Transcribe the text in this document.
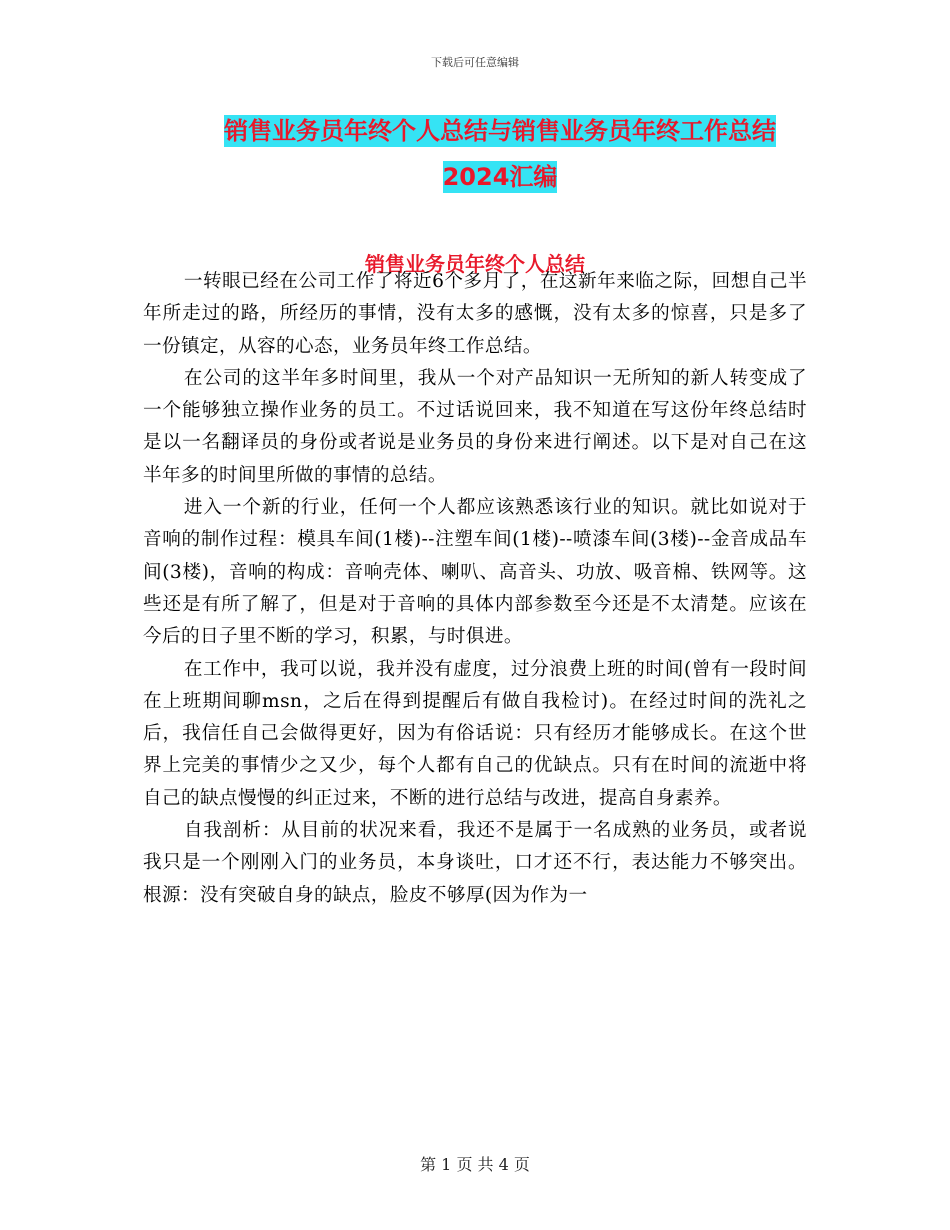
下载后可任意编辑
销售业务员年终个人总结与销售业务员年终工作总结
2024汇编
销售业务员年终个人总结

一转眼已经在公司工作了将近6个多月了，在这新年来临之际，回想自己半年所走过的路，所经历的事情，没有太多的感慨，没有太多的惊喜，只是多了一份镇定，从容的心态，业务员年终工作总结。

在公司的这半年多时间里，我从一个对产品知识一无所知的新人转变成了一个能够独立操作业务的员工。不过话说回来，我不知道在写这份年终总结时是以一名翻译员的身份或者说是业务员的身份来进行阐述。以下是对自己在这半年多的时间里所做的事情的总结。

进入一个新的行业，任何一个人都应该熟悉该行业的知识。就比如说对于音响的制作过程：模具车间(1楼)--注塑车间(1楼)--喷漆车间(3楼)--金音成品车间(3楼)，音响的构成：音响壳体、喇叭、高音头、功放、吸音棉、铁网等。这些还是有所了解了，但是对于音响的具体内部参数至今还是不太清楚。应该在今后的日子里不断的学习，积累，与时俱进。

在工作中，我可以说，我并没有虚度，过分浪费上班的时间(曾有一段时间在上班期间聊msn，之后在得到提醒后有做自我检讨)。在经过时间的洗礼之后，我信任自己会做得更好，因为有俗话说：只有经历才能够成长。在这个世界上完美的事情少之又少，每个人都有自己的优缺点。只有在时间的流逝中将自己的缺点慢慢的纠正过来，不断的进行总结与改进，提高自身素养。

自我剖析：从目前的状况来看，我还不是属于一名成熟的业务员，或者说我只是一个刚刚入门的业务员，本身谈吐，口才还不行，表达能力不够突出。根源：没有突破自身的缺点，脸皮不够厚(因为作为一

第 1 页 共 4 页
